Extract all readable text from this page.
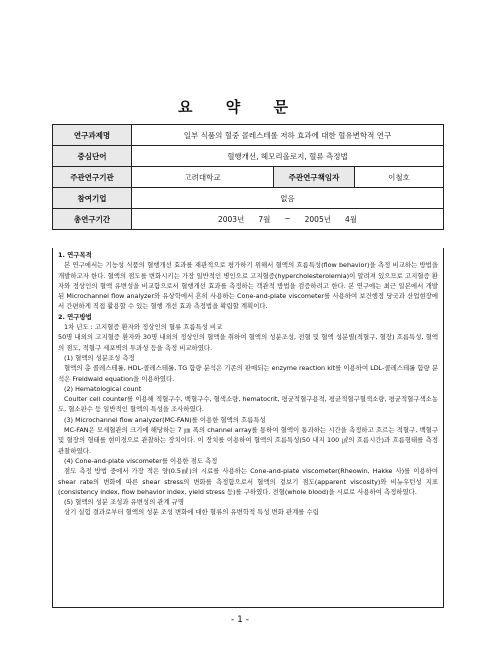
요 약 문
연구과제명	일부 식품의 혈중 콜레스테롤 저하 효과에 대한 혈유변학적 연구		
중심단어	혈행개선, 헤모리올로지, 혈류 측정법		
주관연구기관	고려대학교	주관연구책임자	이철호
참여기업	없음		
총연구기간	2003년 7월 ~ 2005년 4월		

1. 연구목적

본 연구에서는 기능성 식품의 혈행개선 효과를 재관적으로 평가하기 위해서 혈액의 흐름특성(flow behavior)을 측정 비교하는 방법을 개발하고자 한다. 혈액의 점도를 변화시키는 가장 일반적인 병인으로 고지혈증(hypercholesterolemia)이 알려져 있으므로 고지혈증 환자와 정상인의 혈액 유변성을 비교함으로서 혈행개선 효과를 측정하는 객관적 방법을 검증하려고 한다. 본 연구에는 최근 일본에서 개발된 Microchannel flow analyzer와 유상학에서 흔히 사용하는 Cone-and-plate viscometer를 사용하여 보건행정 당국과 산업현장에서 간편하게 직접 활용할 수 있는 혈행 개선 효과 측정법을 확립할 계획이다.

2. 연구방법

1차 년도 : 고지혈증 환자와 정상인의 혈류 흐름특성 비교

50명 내외의 고지혈증 환자와 30명 내외의 정상인의 혈액을 취하여 혈액의 성분조성, 전혈 및 혈액 성분별(적혈구, 혈장) 흐름특성, 혈액의 점도, 적혈구 세포벽의 투과성 등을 측정 비교하였다.

(1) 혈액의 성분조성 측정

혈액의 총 콜레스테롤, HDL-콜레스테롤, TG 함량 분석은 기존의 판매되는 enzyme reaction kit를 이용하여 LDL-콜레스테롤 함량 분석은 Freidwald equation을 이용하였다.

(2) Hematological count

Coulter cell counter를 이용해 적혈구수, 백혈구수, 혈색소량, hematocrit, 평균적혈구용적, 평균적혈구혈색소량, 평균적혈구색소농도, 혈소판수 등 일반적인 혈액의 특성을 조사하였다.

(3) Microchannel flow analyzer(MC-FAN)를 이용한 혈액의 흐름특성

MC-FAN은 모세혈관의 크기에 해당하는 7 ㎛ 폭의 channel array를 통하여 혈액이 통과하는 시간을 측정하고 흐르는 적혈구, 백혈구 및 혈장의 형태를 현미경으로 관찰하는 장치이다. 이 장치를 이용하여 혈액의 흐름특성(50 내지 100 ㎕의 흐름시간)과 흐름형태를 측정 관찰하였다.

(4) Cone-and-plate viscometer를 이용한 점도 측정

점도 측정 방법 중에서 가장 적은 양(0.5㎖)의 시료를 사용하는 Cone-and-plate viscometer(Rheowin, Hakke 사)를 이용하여 shear rate의 변화에 따른 shear stress의 변화를 측정함으로서 혈액의 겉보기 점도(apparent viscosity)와 비뉴우턴성 지표(consistency index, flow behavior index, yield stress 등)를 구하였다. 전혈(whole blood)을 시료로 사용하여 측정하였다.

(5) 혈액의 성분 조성과 유변성의 관계 규명

상기 실험 결과로부터 혈액의 성분 조성 변화에 대한 혈류의 유변학적 특성 변화 관계를 수립

- 1 -
